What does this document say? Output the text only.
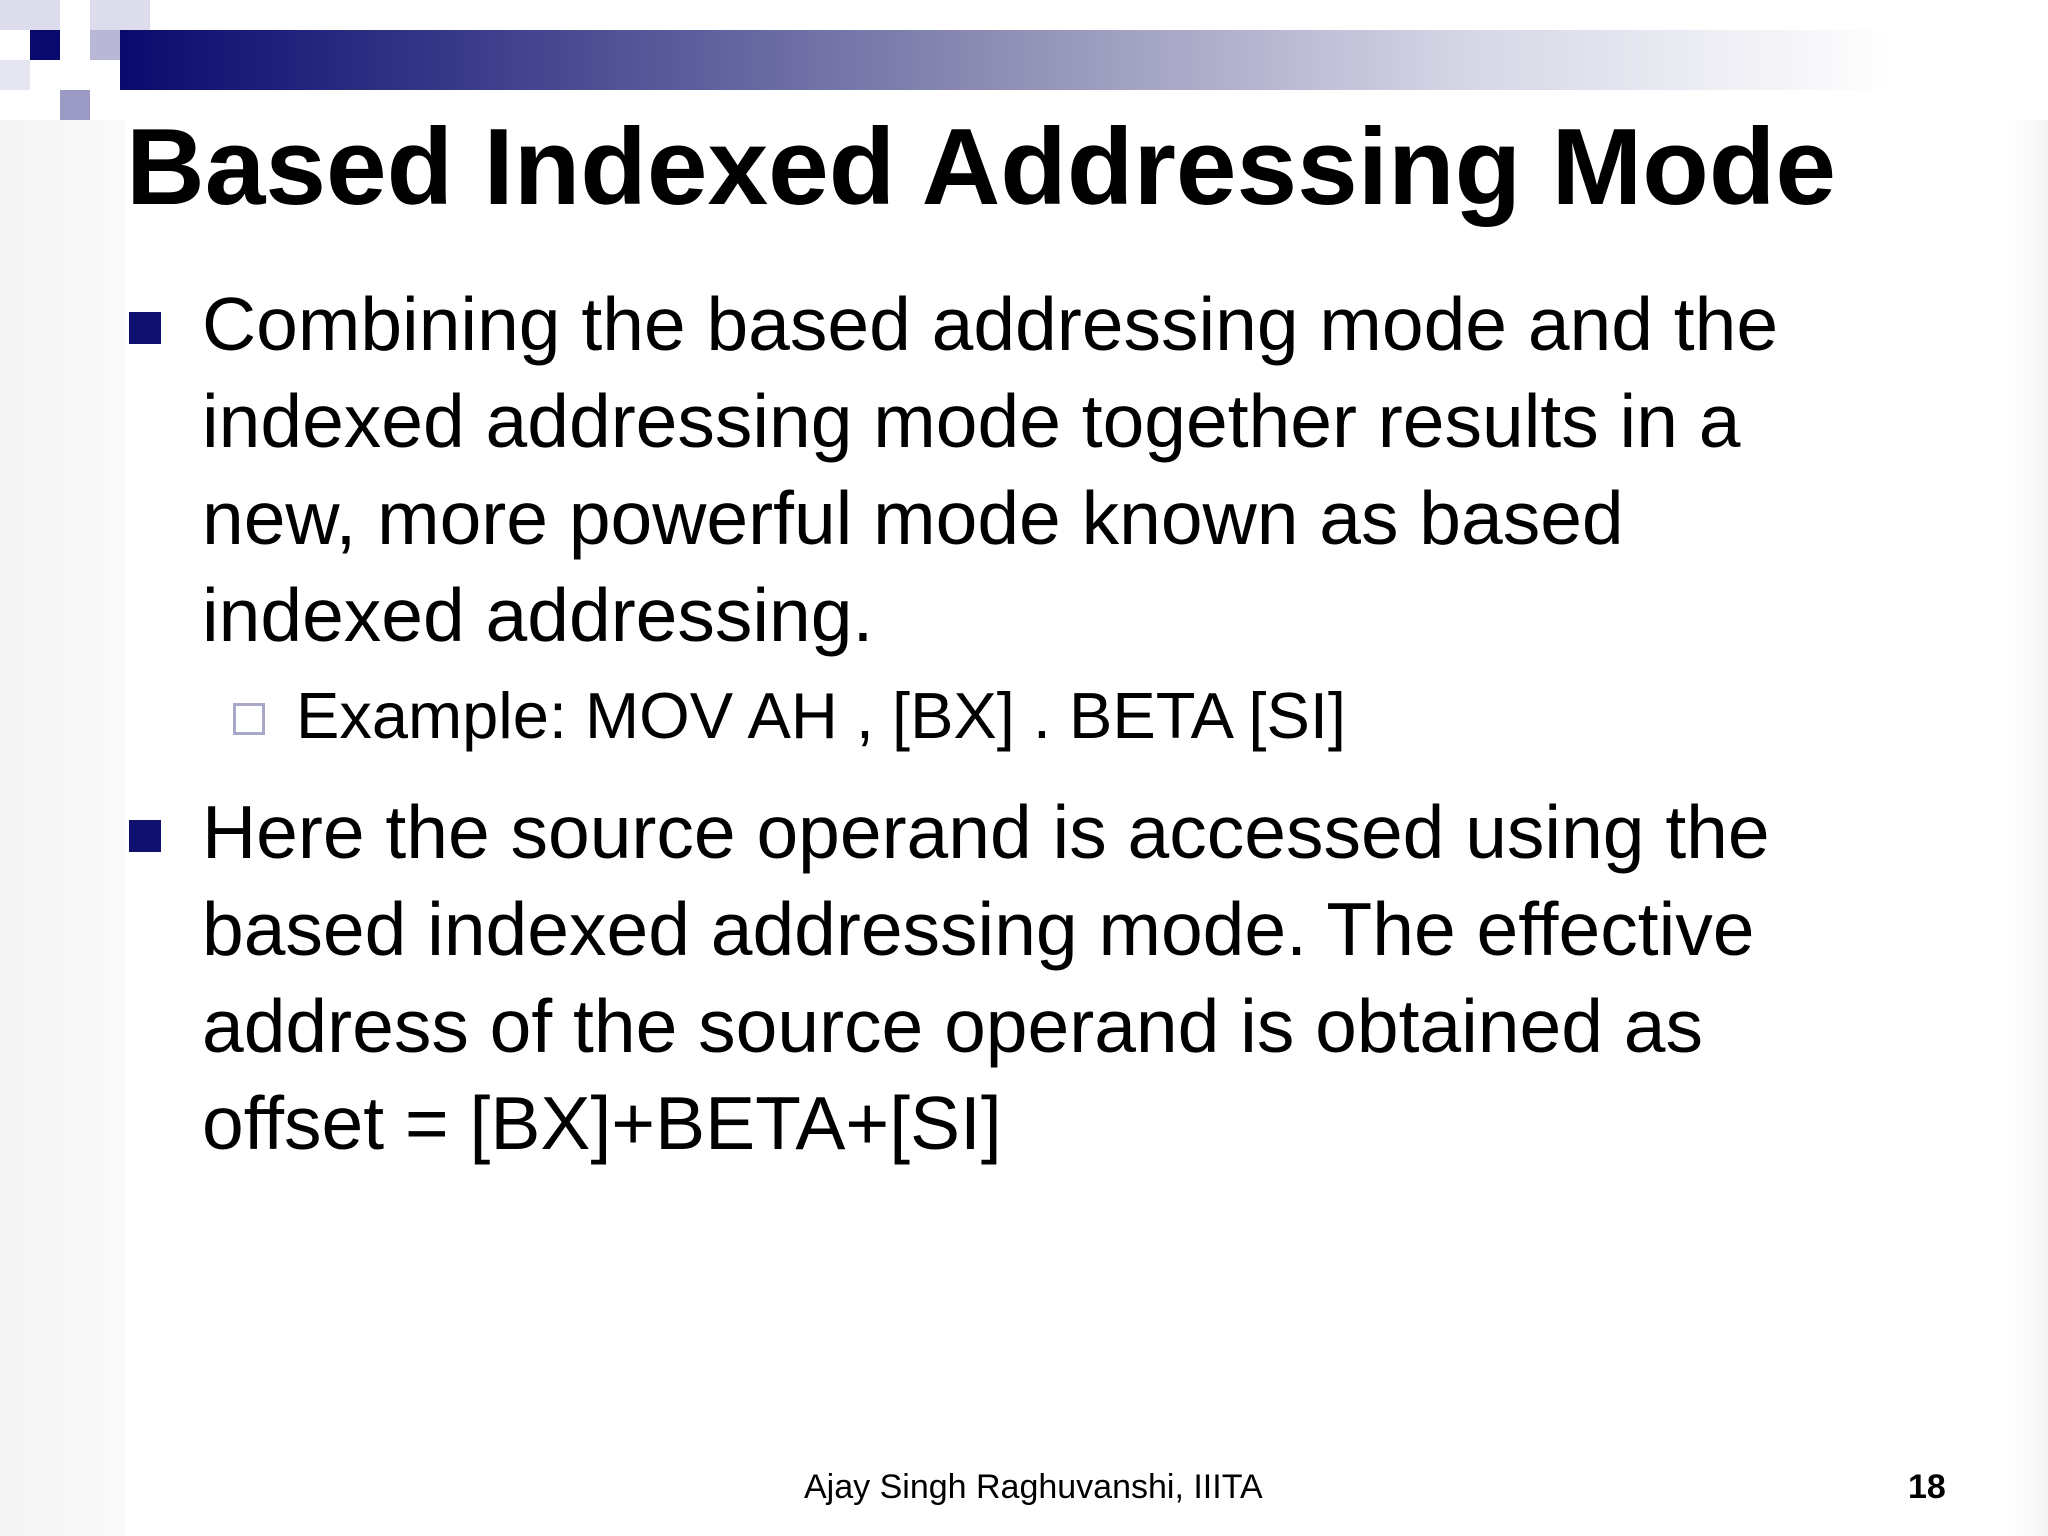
Based Indexed Addressing Mode
Combining the based addressing mode and the
indexed addressing mode together results in a
new, more powerful mode known as based
indexed addressing.
Example: MOV AH , [BX] . BETA [SI]
Here the source operand is accessed using the
based indexed addressing mode. The effective
address of the source operand is obtained as
offset = [BX]+BETA+[SI]
Ajay Singh Raghuvanshi, IIITA	18
